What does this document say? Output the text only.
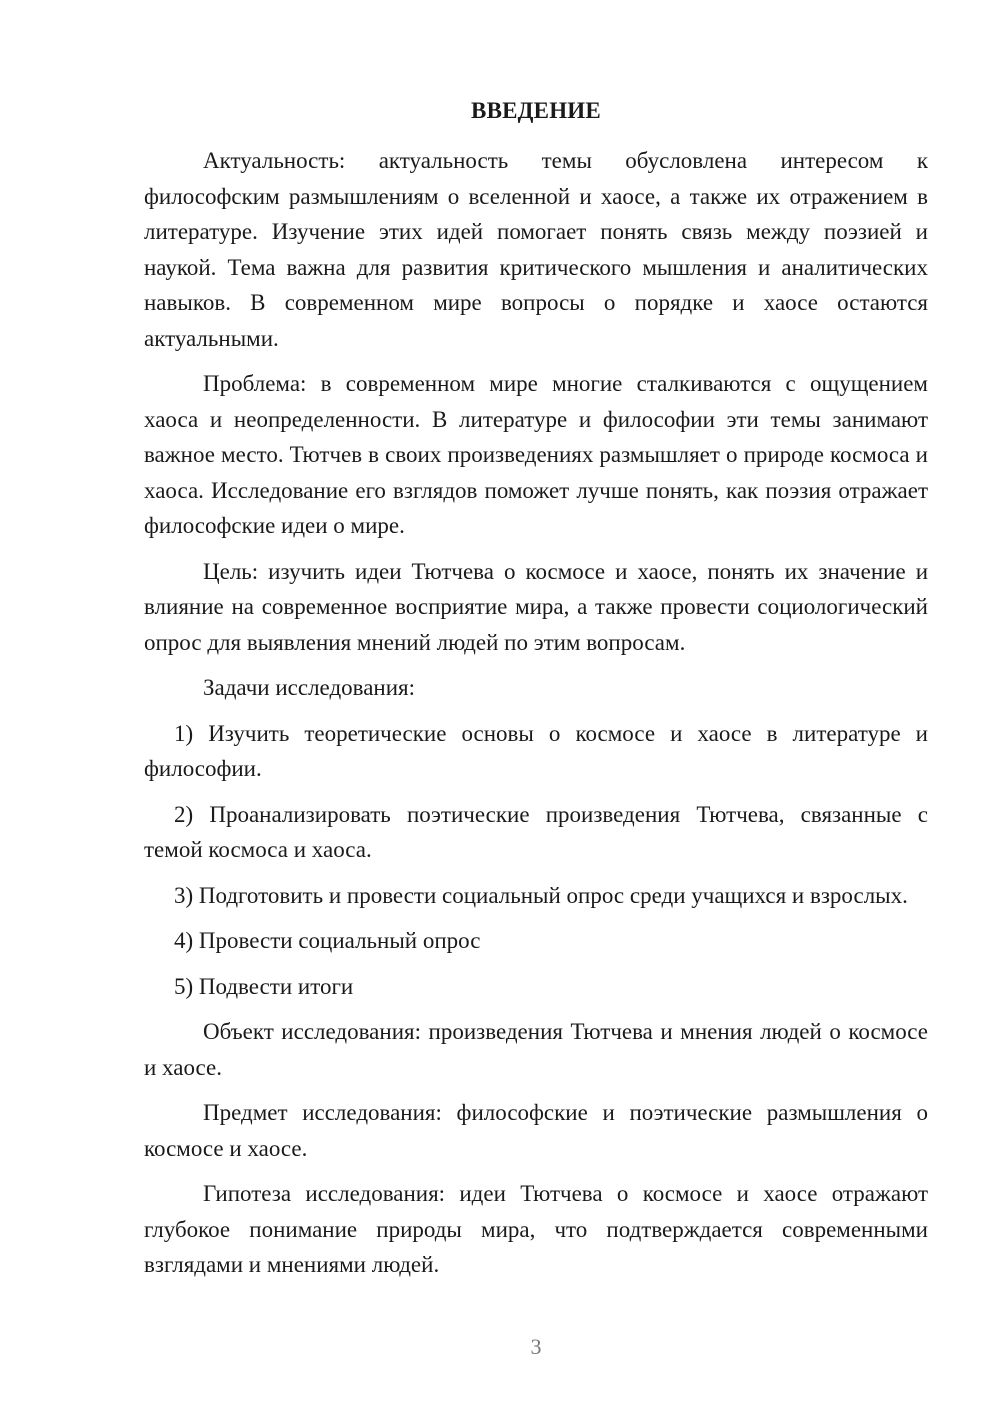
ВВЕДЕНИЕ

Актуальность: актуальность темы обусловлена интересом к философским размышлениям о вселенной и хаосе, а также их отражением в литературе. Изучение этих идей помогает понять связь между поэзией и наукой. Тема важна для развития критического мышления и аналитических навыков. В современном мире вопросы о порядке и хаосе остаются актуальными.

Проблема: в современном мире многие сталкиваются с ощущением хаоса и неопределенности. В литературе и философии эти темы занимают важное место. Тютчев в своих произведениях размышляет о природе космоса и хаоса. Исследование его взглядов поможет лучше понять, как поэзия отражает философские идеи о мире.

Цель: изучить идеи Тютчева о космосе и хаосе, понять их значение и влияние на современное восприятие мира, а также провести социологический опрос для выявления мнений людей по этим вопросам.

Задачи исследования:

1) Изучить теоретические основы о космосе и хаосе в литературе и философии.

2) Проанализировать поэтические произведения Тютчева, связанные с темой космоса и хаоса.

3) Подготовить и провести социальный опрос среди учащихся и взрослых.

4) Провести социальный опрос

5) Подвести итоги

Объект исследования: произведения Тютчева и мнения людей о космосе и хаосе.

Предмет исследования: философские и поэтические размышления о космосе и хаосе.

Гипотеза исследования: идеи Тютчева о космосе и хаосе отражают глубокое понимание природы мира, что подтверждается современными взглядами и мнениями людей.

3
